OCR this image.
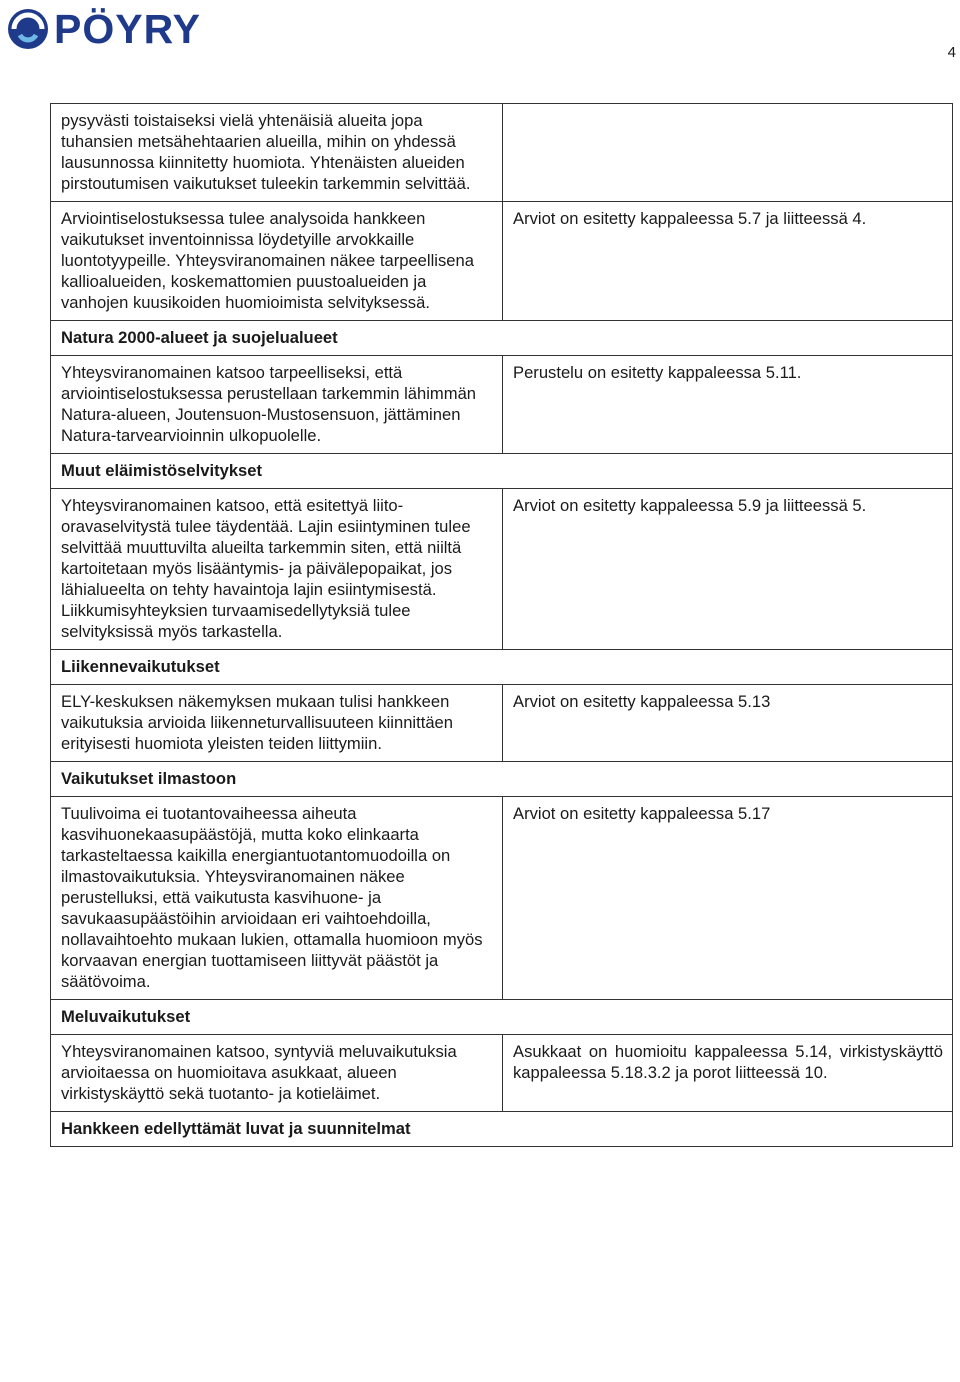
PÖYRY
4
pysyvästi toistaiseksi vielä yhtenäisiä alueita jopa tuhansien metsähehtaarien alueilla, mihin on yhdessä lausunnossa kiinnitetty huomiota. Yhtenäisten alueiden pirstoutumisen vaikutukset tuleekin tarkemmin selvittää.	
Arviointiselostuksessa tulee analysoida hankkeen vaikutukset inventoinnissa löydetyille arvokkaille luontotyypeille. Yhteysviranomainen näkee tarpeellisena kallioalueiden, koskemattomien puustoalueiden ja vanhojen kuusikoiden huomioimista selvityksessä.	Arviot on esitetty kappaleessa 5.7 ja liitteessä 4.
Natura 2000-alueet ja suojelualueet	
Yhteysviranomainen katsoo tarpeelliseksi, että arviointiselostuksessa perustellaan tarkemmin lähimmän Natura-alueen, Joutensuon-Mustosensuon, jättäminen Natura-tarvearvioinnin ulkopuolelle.	Perustelu on esitetty kappaleessa 5.11.
Muut eläimistöselvitykset	
Yhteysviranomainen katsoo, että esitettyä liito-oravaselvitystä tulee täydentää. Lajin esiintyminen tulee selvittää muuttuvilta alueilta tarkemmin siten, että niiltä kartoitetaan myös lisääntymis- ja päivälepopaikat, jos lähialueelta on tehty havaintoja lajin esiintymisestä. Liikkumisyhteyksien turvaamisedellytyksiä tulee selvityksissä myös tarkastella.	Arviot on esitetty kappaleessa 5.9 ja liitteessä 5.
Liikennevaikutukset	
ELY-keskuksen näkemyksen mukaan tulisi hankkeen vaikutuksia arvioida liikenneturvallisuuteen kiinnittäen erityisesti huomiota yleisten teiden liittymiin.	Arviot on esitetty kappaleessa 5.13
Vaikutukset ilmastoon	
Tuulivoima ei tuotantovaiheessa aiheuta kasvihuonekaasupäästöjä, mutta koko elinkaarta tarkasteltaessa kaikilla energiantuotantomuodoilla on ilmastovaikutuksia. Yhteysviranomainen näkee perustelluksi, että vaikutusta kasvihuone- ja savukaasupäästöihin arvioidaan eri vaihtoehdoilla, nollavaihtoehto mukaan lukien, ottamalla huomioon myös korvaavan energian tuottamiseen liittyvät päästöt ja säätövoima.	Arviot on esitetty kappaleessa 5.17
Meluvaikutukset	
Yhteysviranomainen katsoo, syntyviä meluvaikutuksia arvioitaessa on huomioitava asukkaat, alueen virkistyskäyttö sekä tuotanto- ja kotieläimet.	Asukkaat on huomioitu kappaleessa 5.14, virkistyskäyttö kappaleessa 5.18.3.2 ja porot liitteessä 10.
Hankkeen edellyttämät luvat ja suunnitelmat	
